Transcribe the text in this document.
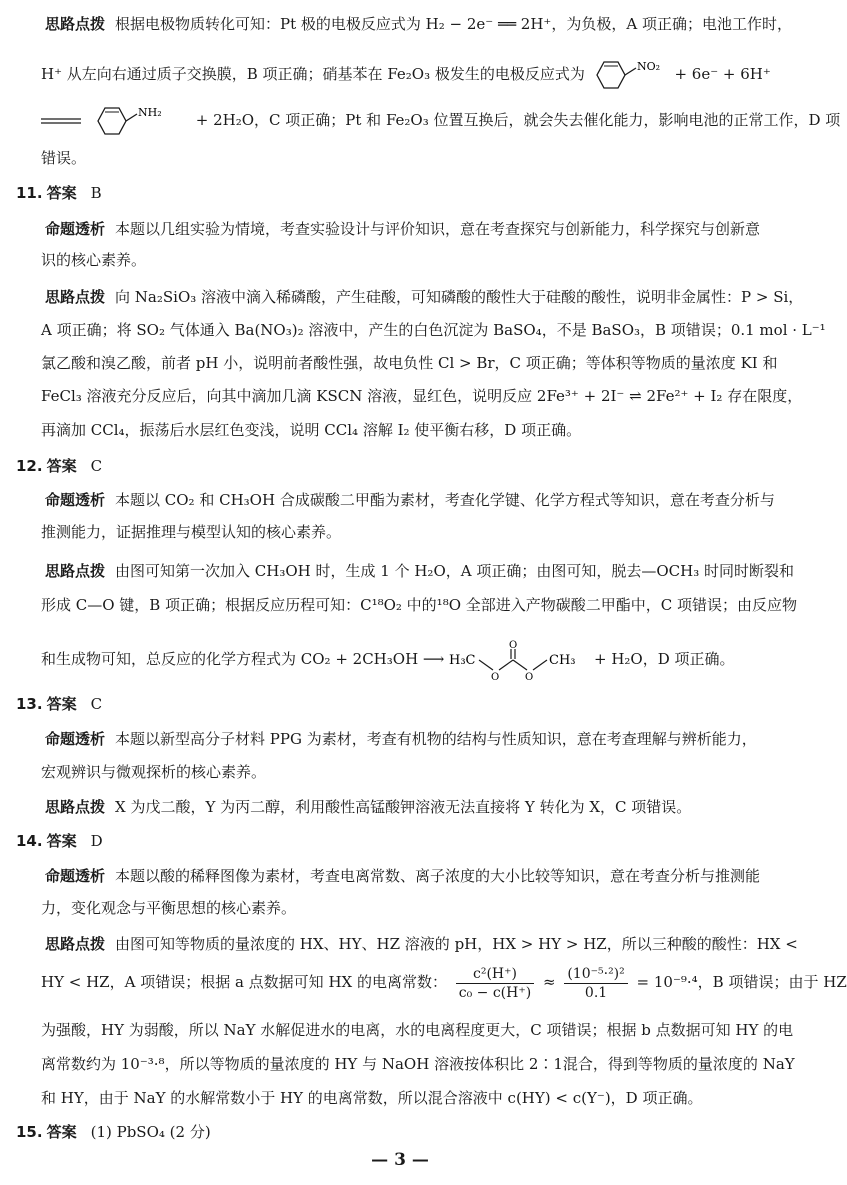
思路点拨 根据电极物质转化可知：Pt 极的电极反应式为 H₂ − 2e⁻ ══ 2H⁺，为负极，A 项正确；电池工作时，
H⁺ 从左向右通过质子交换膜，B 项正确；硝基苯在 Fe₂O₃ 极发生的电极反应式为	NO₂ + 6e⁻ + 6H⁺
NH₂ + 2H₂O，C 项正确；Pt 和 Fe₂O₃ 位置互换后，就会失去催化能力，影响电池的正常工作，D 项
错误。
11. 答案 B
命题透析 本题以几组实验为情境，考查实验设计与评价知识，意在考查探究与创新能力，科学探究与创新意
识的核心素养。
思路点拨 向 Na₂SiO₃ 溶液中滴入稀磷酸，产生硅酸，可知磷酸的酸性大于硅酸的酸性，说明非金属性：P > Si，
A 项正确；将 SO₂ 气体通入 Ba(NO₃)₂ 溶液中，产生的白色沉淀为 BaSO₄，不是 BaSO₃，B 项错误；0.1 mol · L⁻¹
氯乙酸和溴乙酸，前者 pH 小，说明前者酸性强，故电负性 Cl > Br，C 项正确；等体积等物质的量浓度 KI 和
FeCl₃ 溶液充分反应后，向其中滴加几滴 KSCN 溶液，显红色，说明反应 2Fe³⁺ + 2I⁻ ⇌ 2Fe²⁺ + I₂ 存在限度，
再滴加 CCl₄，振荡后水层红色变浅，说明 CCl₄ 溶解 I₂ 使平衡右移，D 项正确。
12. 答案 C
命题透析 本题以 CO₂ 和 CH₃OH 合成碳酸二甲酯为素材，考查化学键、化学方程式等知识，意在考查分析与
推测能力，证据推理与模型认知的核心素养。
思路点拨 由图可知第一次加入 CH₃OH 时，生成 1 个 H₂O，A 项正确；由图可知，脱去—OCH₃ 时同时断裂和
形成 C—O 键，B 项正确；根据反应历程可知：C¹⁸O₂ 中的¹⁸O 全部进入产物碳酸二甲酯中，C 项错误；由反应物
和生成物可知，总反应的化学方程式为 CO₂ + 2CH₃OH ⟶ H₃C
O
O
O
CH₃ + H₂O，D 项正确。
13. 答案 C
命题透析 本题以新型高分子材料 PPG 为素材，考查有机物的结构与性质知识，意在考查理解与辨析能力，
宏观辨识与微观探析的核心素养。
思路点拨 X 为戊二酸，Y 为丙二醇，利用酸性高锰酸钾溶液无法直接将 Y 转化为 X，C 项错误。
14. 答案 D
命题透析 本题以酸的稀释图像为素材，考查电离常数、离子浓度的大小比较等知识，意在考查分析与推测能
力，变化观念与平衡思想的核心素养。
思路点拨 由图可知等物质的量浓度的 HX、HY、HZ 溶液的 pH，HX > HY > HZ，所以三种酸的酸性：HX <
HY < HZ，A 项错误；根据 a 点数据可知 HX 的电离常数： $\frac{\text{c²(H⁺)}}{\text{c₀ − c(H⁺)}} \approx \frac{\text{(10⁻⁵·²)²}}{0.1} = 10^{-9}\cdot^4$，B 项错误；由于 HZ
为强酸，HY 为弱酸，所以 NaY 水解促进水的电离，水的电离程度更大，C 项错误；根据 b 点数据可知 HY 的电
离常数约为 10⁻³·⁸，所以等物质的量浓度的 HY 与 NaOH 溶液按体积比 2∶1混合，得到等物质的量浓度的 NaY
和 HY，由于 NaY 的水解常数小于 HY 的电离常数，所以混合溶液中 c(HY) < c(Y⁻)，D 项正确。
15. 答案 (1) PbSO₄ (2 分)
— 3 —
